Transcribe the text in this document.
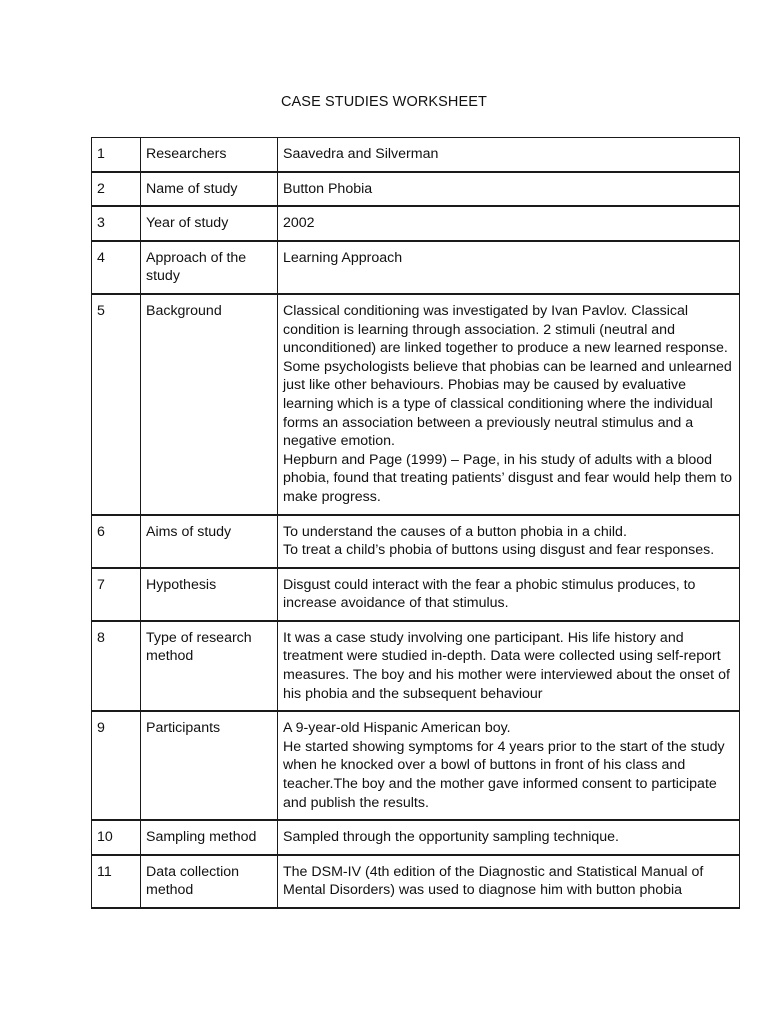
CASE STUDIES WORKSHEET
1	Researchers	Saavedra and Silverman

2	Name of study	Button Phobia

3	Year of study	2002

4	Approach of the study	Learning Approach

5	Background	Classical conditioning was investigated by Ivan Pavlov. Classical condition is learning through association. 2 stimuli (neutral and unconditioned) are linked together to produce a new learned response. Some psychologists believe that phobias can be learned and unlearned just like other behaviours. Phobias may be caused by evaluative learning which is a type of classical conditioning where the individual forms an association between a previously neutral stimulus and a negative emotion.
Hepburn and Page (1999) – Page, in his study of adults with a blood phobia, found that treating patients’ disgust and fear would help them to make progress.

6	Aims of study	To understand the causes of a button phobia in a child.
To treat a child’s phobia of buttons using disgust and fear responses.

7	Hypothesis	Disgust could interact with the fear a phobic stimulus produces, to increase avoidance of that stimulus.

8	Type of research method	It was a case study involving one participant. His life history and treatment were studied in-depth. Data were collected using self-report measures. The boy and his mother were interviewed about the onset of his phobia and the subsequent behaviour

9	Participants	A 9-year-old Hispanic American boy.
He started showing symptoms for 4 years prior to the start of the study when he knocked over a bowl of buttons in front of his class and teacher.The boy and the mother gave informed consent to participate and publish the results.

10	Sampling method	Sampled through the opportunity sampling technique.

11	Data collection method	The DSM-IV (4th edition of the Diagnostic and Statistical Manual of Mental Disorders) was used to diagnose him with button phobia
